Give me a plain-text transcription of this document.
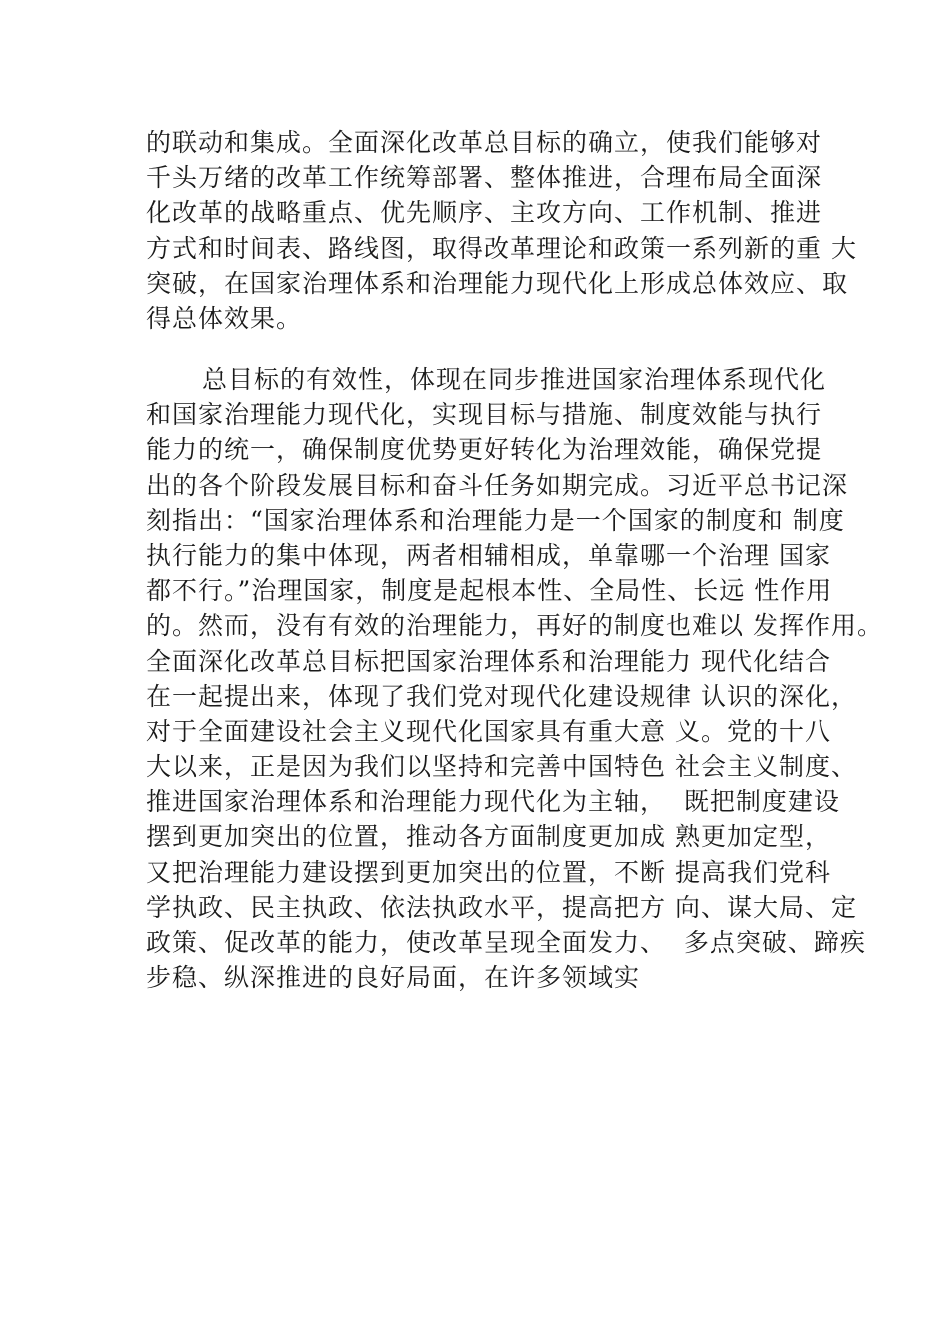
的联动和集成。全面深化改革总目标的确立，使我们能够对
千头万绪的改革工作统筹部署、整体推进，合理布局全面深
化改革的战略重点、优先顺序、主攻方向、工作机制、推进
方式和时间表、路线图，取得改革理论和政策一系列新的重 大
突破，在国家治理体系和治理能力现代化上形成总体效应、取
得总体效果。
总目标的有效性，体现在同步推进国家治理体系现代化
和国家治理能力现代化，实现目标与措施、制度效能与执行
能力的统一，确保制度优势更好转化为治理效能，确保党提
出的各个阶段发展目标和奋斗任务如期完成。习近平总书记深
刻指出：“国家治理体系和治理能力是一个国家的制度和 制度
执行能力的集中体现，两者相辅相成，单靠哪一个治理 国家
都不行。”治理国家，制度是起根本性、全局性、长远 性作用
的。然而，没有有效的治理能力，再好的制度也难以 发挥作用。
全面深化改革总目标把国家治理体系和治理能力 现代化结合
在一起提出来，体现了我们党对现代化建设规律 认识的深化，
对于全面建设社会主义现代化国家具有重大意 义。党的十八
大以来，正是因为我们以坚持和完善中国特色 社会主义制度、
推进国家治理体系和治理能力现代化为主轴，  既把制度建设
摆到更加突出的位置，推动各方面制度更加成 熟更加定型，
又把治理能力建设摆到更加突出的位置，不断 提高我们党科
学执政、民主执政、依法执政水平，提高把方 向、谋大局、定
政策、促改革的能力，使改革呈现全面发力、  多点突破、蹄疾
步稳、纵深推进的良好局面，在许多领域实
